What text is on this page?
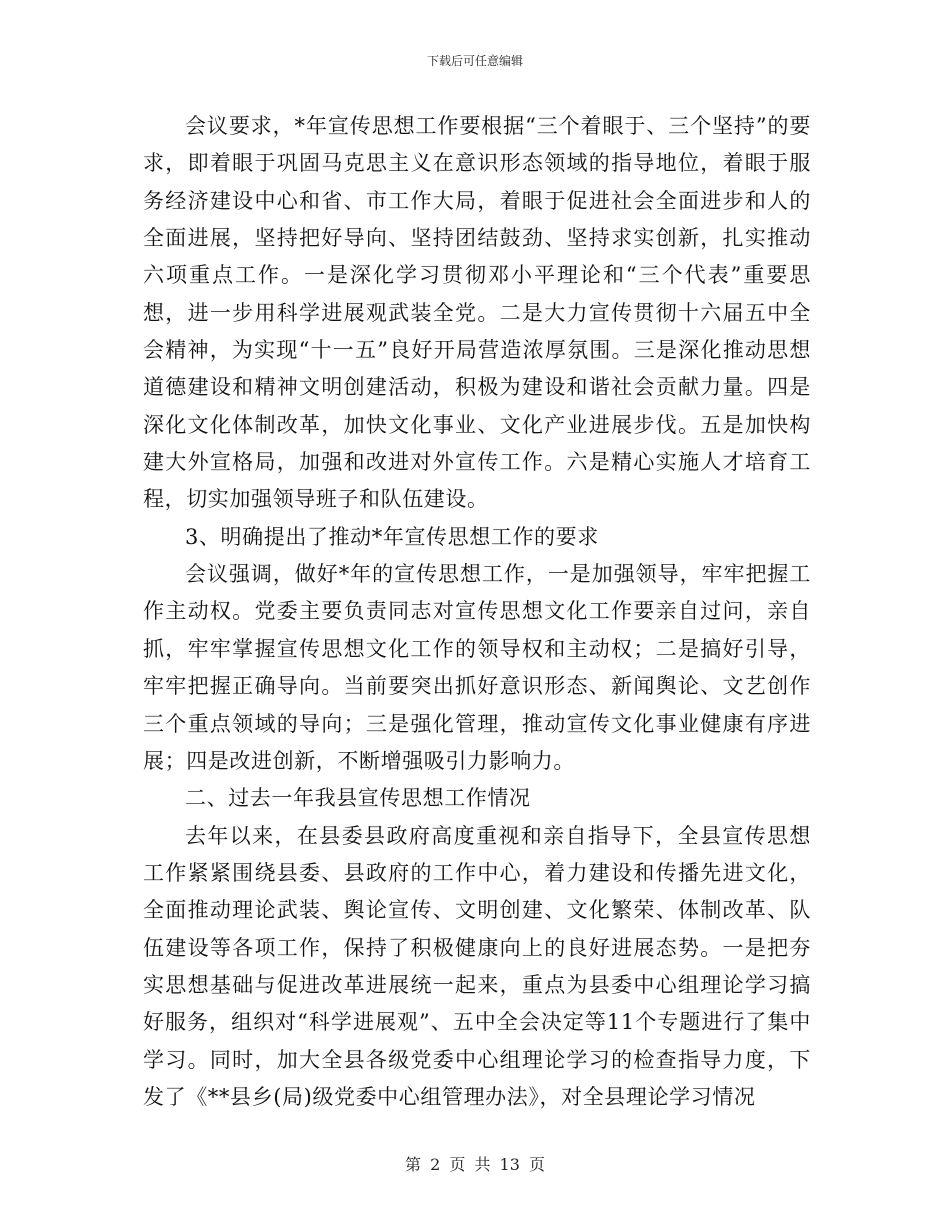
下载后可任意编辑

会议要求，*年宣传思想工作要根据“三个着眼于、三个坚持”的要求，即着眼于巩固马克思主义在意识形态领域的指导地位，着眼于服务经济建设中心和省、市工作大局，着眼于促进社会全面进步和人的全面进展，坚持把好导向、坚持团结鼓劲、坚持求实创新，扎实推动六项重点工作。一是深化学习贯彻邓小平理论和“三个代表”重要思想，进一步用科学进展观武装全党。二是大力宣传贯彻十六届五中全会精神，为实现“十一五”良好开局营造浓厚氛围。三是深化推动思想道德建设和精神文明创建活动，积极为建设和谐社会贡献力量。四是深化文化体制改革，加快文化事业、文化产业进展步伐。五是加快构建大外宣格局，加强和改进对外宣传工作。六是精心实施人才培育工程，切实加强领导班子和队伍建设。

3、明确提出了推动*年宣传思想工作的要求

会议强调，做好*年的宣传思想工作，一是加强领导，牢牢把握工作主动权。党委主要负责同志对宣传思想文化工作要亲自过问，亲自抓，牢牢掌握宣传思想文化工作的领导权和主动权；二是搞好引导，牢牢把握正确导向。当前要突出抓好意识形态、新闻舆论、文艺创作三个重点领域的导向；三是强化管理，推动宣传文化事业健康有序进展；四是改进创新，不断增强吸引力影响力。

二、过去一年我县宣传思想工作情况

去年以来，在县委县政府高度重视和亲自指导下，全县宣传思想工作紧紧围绕县委、县政府的工作中心，着力建设和传播先进文化，全面推动理论武装、舆论宣传、文明创建、文化繁荣、体制改革、队伍建设等各项工作，保持了积极健康向上的良好进展态势。一是把夯实思想基础与促进改革进展统一起来，重点为县委中心组理论学习搞好服务，组织对“科学进展观”、五中全会决定等11个专题进行了集中学习。同时，加大全县各级党委中心组理论学习的检查指导力度，下发了《**县乡(局)级党委中心组管理办法》，对全县理论学习情况

第 2 页 共 13 页
